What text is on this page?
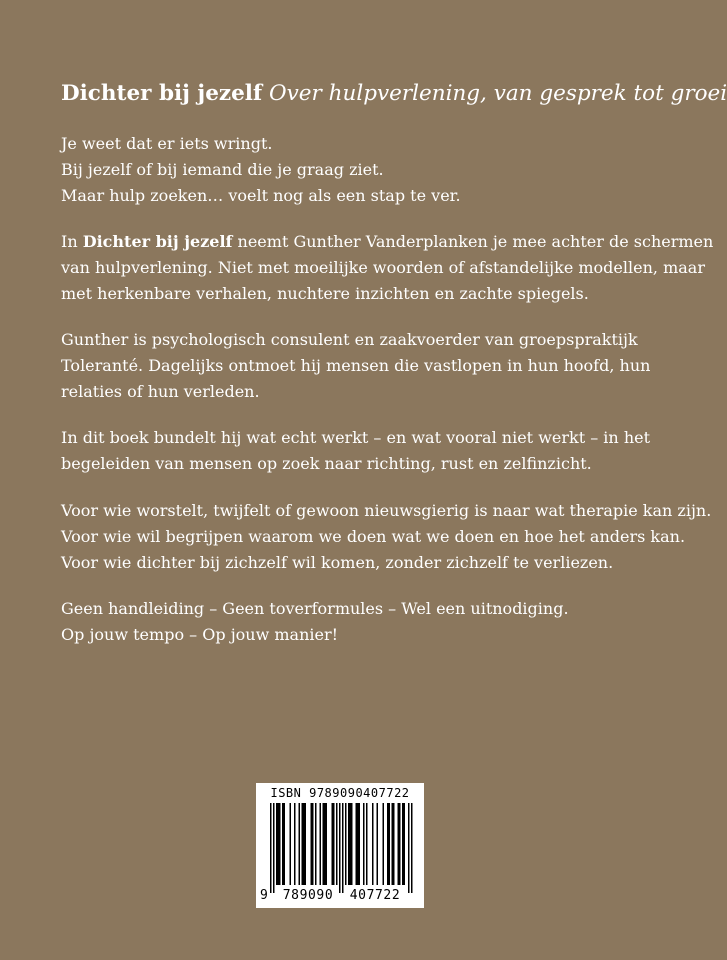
Dichter bij jezelf Over hulpverlening, van gesprek tot groei
Je weet dat er iets wringt.
Bij jezelf of bij iemand die je graag ziet.
Maar hulp zoeken… voelt nog als een stap te ver.
In Dichter bij jezelf neemt Gunther Vanderplanken je mee achter de schermen
van hulpverlening. Niet met moeilijke woorden of afstandelijke modellen, maar
met herkenbare verhalen, nuchtere inzichten en zachte spiegels.
Gunther is psychologisch consulent en zaakvoerder van groepspraktijk
Toleranté. Dagelijks ontmoet hij mensen die vastlopen in hun hoofd, hun
relaties of hun verleden.
In dit boek bundelt hij wat echt werkt – en wat vooral niet werkt – in het
begeleiden van mensen op zoek naar richting, rust en zelfinzicht.
Voor wie worstelt, twijfelt of gewoon nieuwsgierig is naar wat therapie kan zijn.
Voor wie wil begrijpen waarom we doen wat we doen en hoe het anders kan.
Voor wie dichter bij zichzelf wil komen, zonder zichzelf te verliezen.
Geen handleiding – Geen toverformules – Wel een uitnodiging.
Op jouw tempo – Op jouw manier!
ISBN 9789090407722
9	789090	407722
